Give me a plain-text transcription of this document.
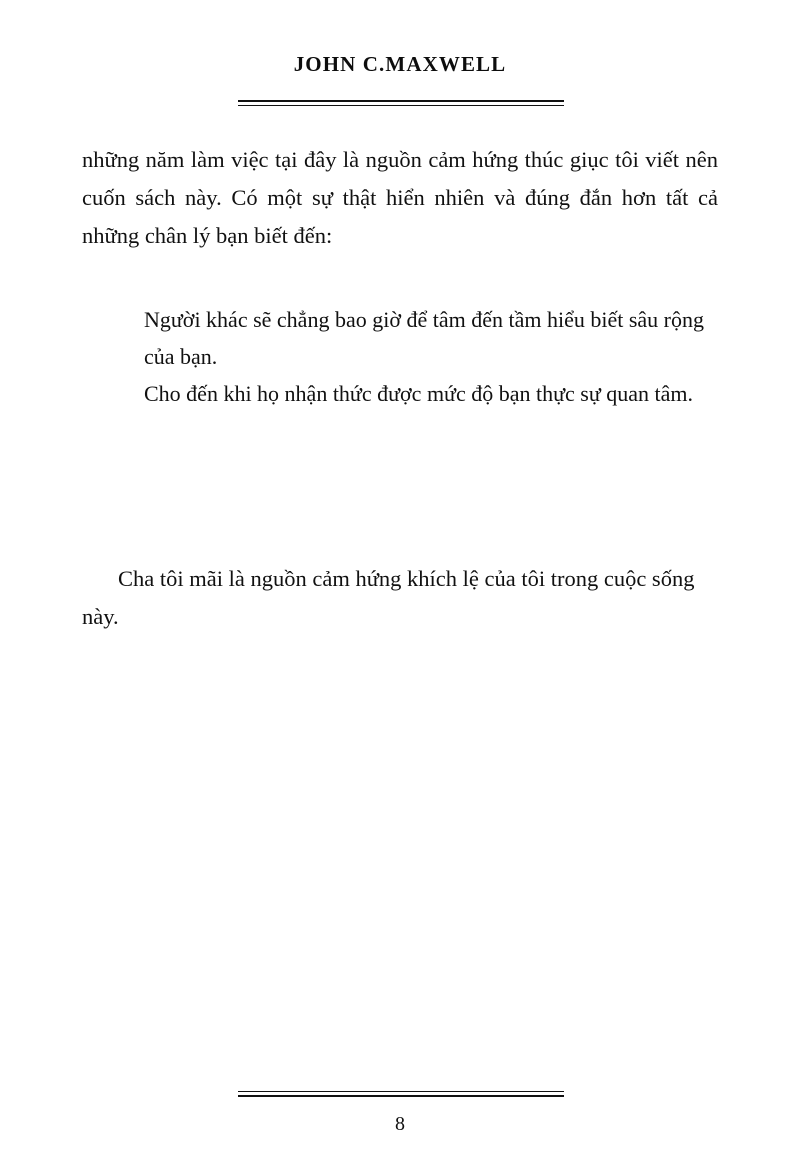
JOHN C.MAXWELL

những năm làm việc tại đây là nguồn cảm hứng thúc giục tôi viết nên cuốn sách này. Có một sự thật hiển nhiên và đúng đắn hơn tất cả những chân lý bạn biết đến:

Người khác sẽ chẳng bao giờ để tâm đến tầm hiểu biết sâu rộng của bạn.
Cho đến khi họ nhận thức được mức độ bạn thực sự quan tâm.

Cha tôi mãi là nguồn cảm hứng khích lệ của tôi trong cuộc sống này.

8
